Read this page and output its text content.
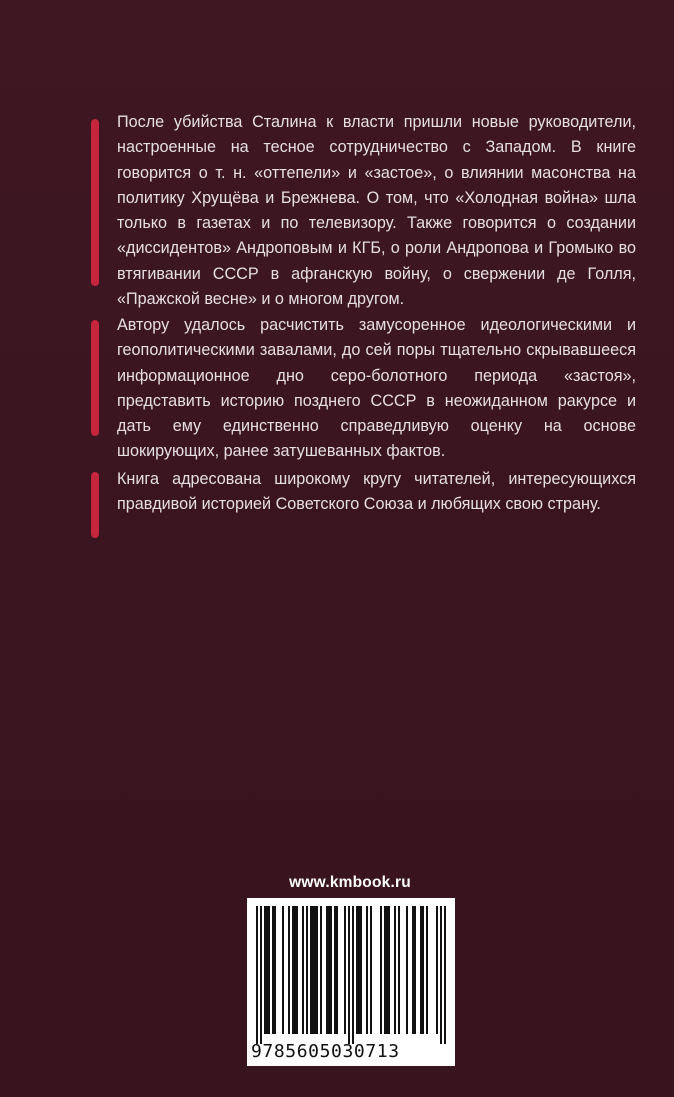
После убийства Сталина к власти пришли новые руководители, настроенные на тесное сотрудничество с Западом. В книге говорится о т. н. «оттепели» и «застое», о влиянии масонства на политику Хрущёва и Брежнева. О том, что «Холодная война» шла только в газетах и по телевизору. Также говорится о создании «диссидентов» Андроповым и КГБ, о роли Андропова и Громыко во втягивании СССР в афганскую войну, о свержении де Голля, «Пражской весне» и о многом другом.
Автору удалось расчистить замусоренное идеологическими и геополитическими завалами, до сей поры тщательно скрывавшееся информационное дно серо-болотного периода «застоя», представить историю позднего СССР в неожиданном ракурсе и дать ему единственно справедливую оценку на основе шокирующих, ранее затушеванных фактов.
Книга адресована широкому кругу читателей, интересующихся правдивой историей Советского Союза и любящих свою страну.
www.kmbook.ru
9785605030713
